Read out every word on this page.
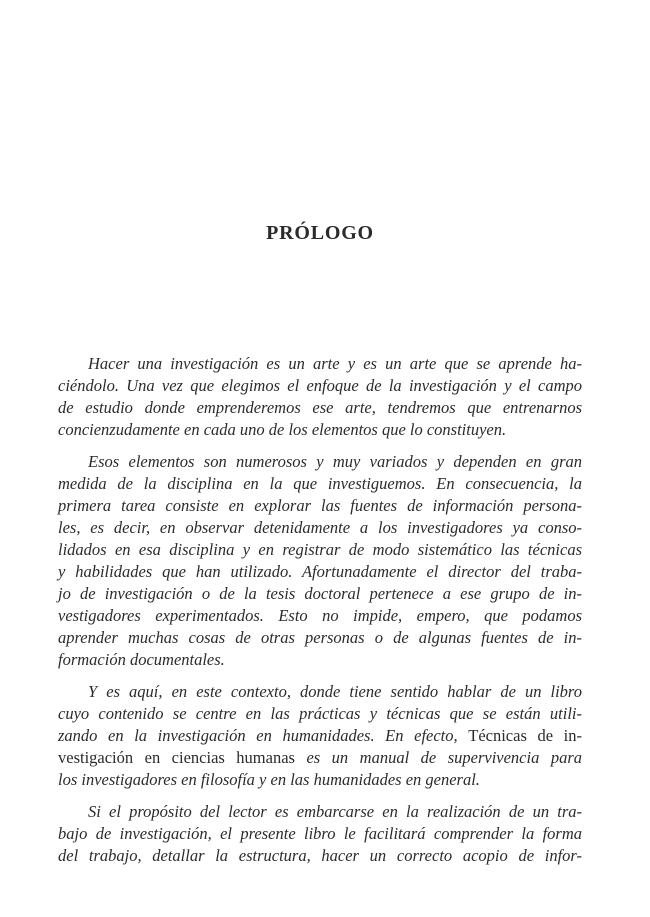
PRÓLOGO
Hacer una investigación es un arte y es un arte que se aprende ha-
ciéndolo. Una vez que elegimos el enfoque de la investigación y el campo
de estudio donde emprenderemos ese arte, tendremos que entrenarnos
concienzudamente en cada uno de los elementos que lo constituyen.
Esos elementos son numerosos y muy variados y dependen en gran
medida de la disciplina en la que investiguemos. En consecuencia, la
primera tarea consiste en explorar las fuentes de información persona-
les, es decir, en observar detenidamente a los investigadores ya conso-
lidados en esa disciplina y en registrar de modo sistemático las técnicas
y habilidades que han utilizado. Afortunadamente el director del traba-
jo de investigación o de la tesis doctoral pertenece a ese grupo de in-
vestigadores experimentados. Esto no impide, empero, que podamos
aprender muchas cosas de otras personas o de algunas fuentes de in-
formación documentales.
Y es aquí, en este contexto, donde tiene sentido hablar de un libro
cuyo contenido se centre en las prácticas y técnicas que se están utili-
zando en la investigación en humanidades. En efecto, Técnicas de in-
vestigación en ciencias humanas es un manual de supervivencia para
los investigadores en filosofía y en las humanidades en general.
Si el propósito del lector es embarcarse en la realización de un tra-
bajo de investigación, el presente libro le facilitará comprender la forma
del trabajo, detallar la estructura, hacer un correcto acopio de infor-
